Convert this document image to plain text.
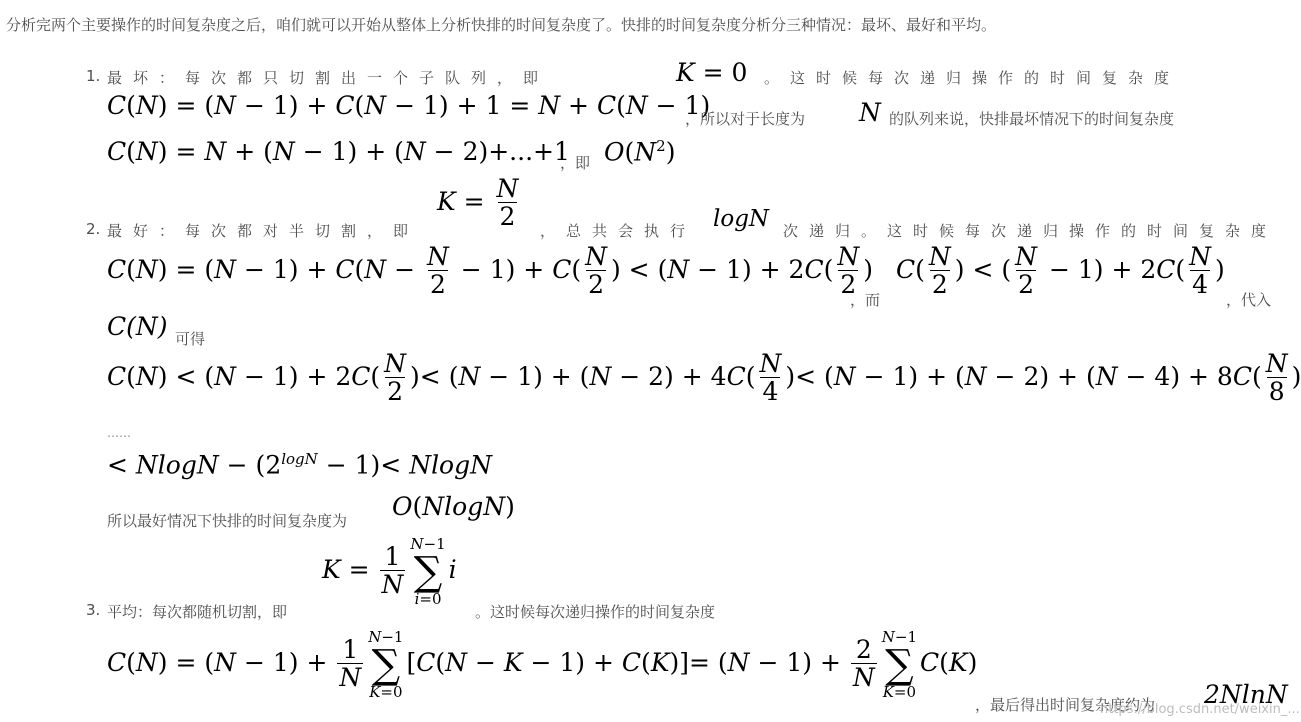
分析完两个主要操作的时间复杂度之后，咱们就可以开始从整体上分析快排的时间复杂度了。快排的时间复杂度分析分三种情况：最坏、最好和平均。
1. 最坏：每次都只切割出一个子队列，即	K = 0 。这时候每次递归操作的时间复杂度
C(N) = (N − 1) + C(N − 1) + 1 = N + C(N − 1)
，所以对于长度为 N 的队列来说，快排最坏情况下的时间复杂度
C(N) = N + (N − 1) + (N − 2)+...+1
，即 $O(N^2)$
2. 最好：每次都对半切割，即
$K = \frac{N}{2}$
，总共会执行 logN 次递归。这时候每次递归操作的时间复杂度
$C(N) = (N - 1) + C(N - \frac{N}{2} - 1) + C( \frac{N}{2}$ ) < $(N - 1) + 2C( \frac{N}{2}$ )
，而
$C( \frac{N}{2}$ ) < ( $\frac{N}{2} - 1) + 2C( \frac{N}{4}$ )
，代入
C(N) 可得
$C(N) < (N - 1) + 2C( \frac{N}{2}$ )< $(N - 1) + (N - 2) + 4C( \frac{N}{4}$ )< $(N - 1) + (N - 2) + (N - 4) + 8C( \frac{N}{8}$ )
……
< $NlogN - (2^{logN} - 1)< NlogN$
所以最好情况下快排的时间复杂度为 O(NlogN)
$K = \frac{1}{N}$
N−1
∑
i=0
i
3. 平均：每次都随机切割，即	。这时候每次递归操作的时间复杂度
$C(N) = (N - 1) + \frac{1}{N}$
N−1
∑
K=0
$[C(N - K - 1) + C(K)]= (N - 1) + \frac{2}{N}$
N−1
∑
K=0
C(K)
，最后得出时间复杂度约为 2NlnN
https://blog.csdn.net/weixin_...
